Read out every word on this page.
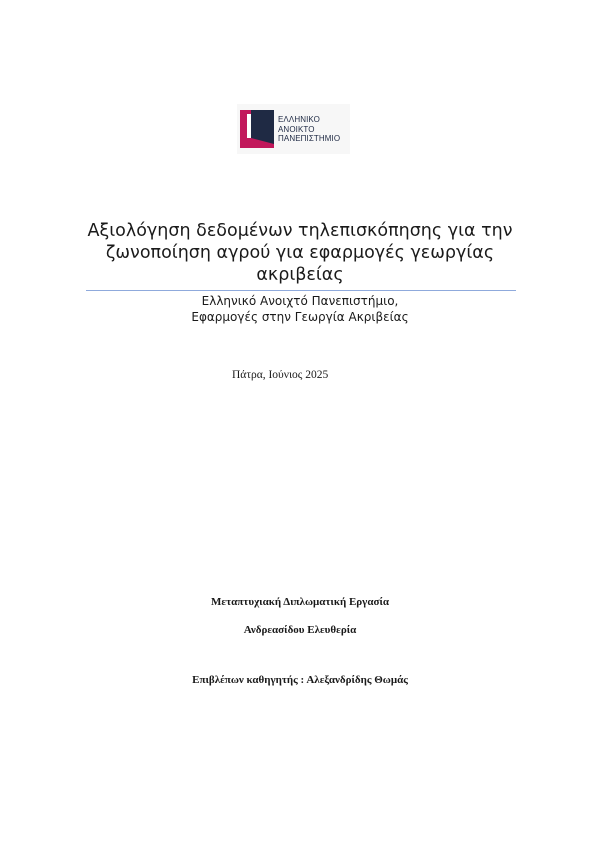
ΕΛΛΗΝΙΚΟ
ΑΝΟΙΚΤΟ
ΠΑΝΕΠΙΣΤΗΜΙΟ
Αξιολόγηση δεδομένων τηλεπισκόπησης για την
ζωνοποίηση αγρού για εφαρμογές γεωργίας
ακριβείας
Ελληνικό Ανοιχτό Πανεπιστήμιο,
Εφαρμογές στην Γεωργία Ακριβείας
Πάτρα, Ιούνιος 2025
Μεταπτυχιακή Διπλωματική Εργασία
Ανδρεασίδου Ελευθερία
Επιβλέπων καθηγητής : Αλεξανδρίδης Θωμάς
